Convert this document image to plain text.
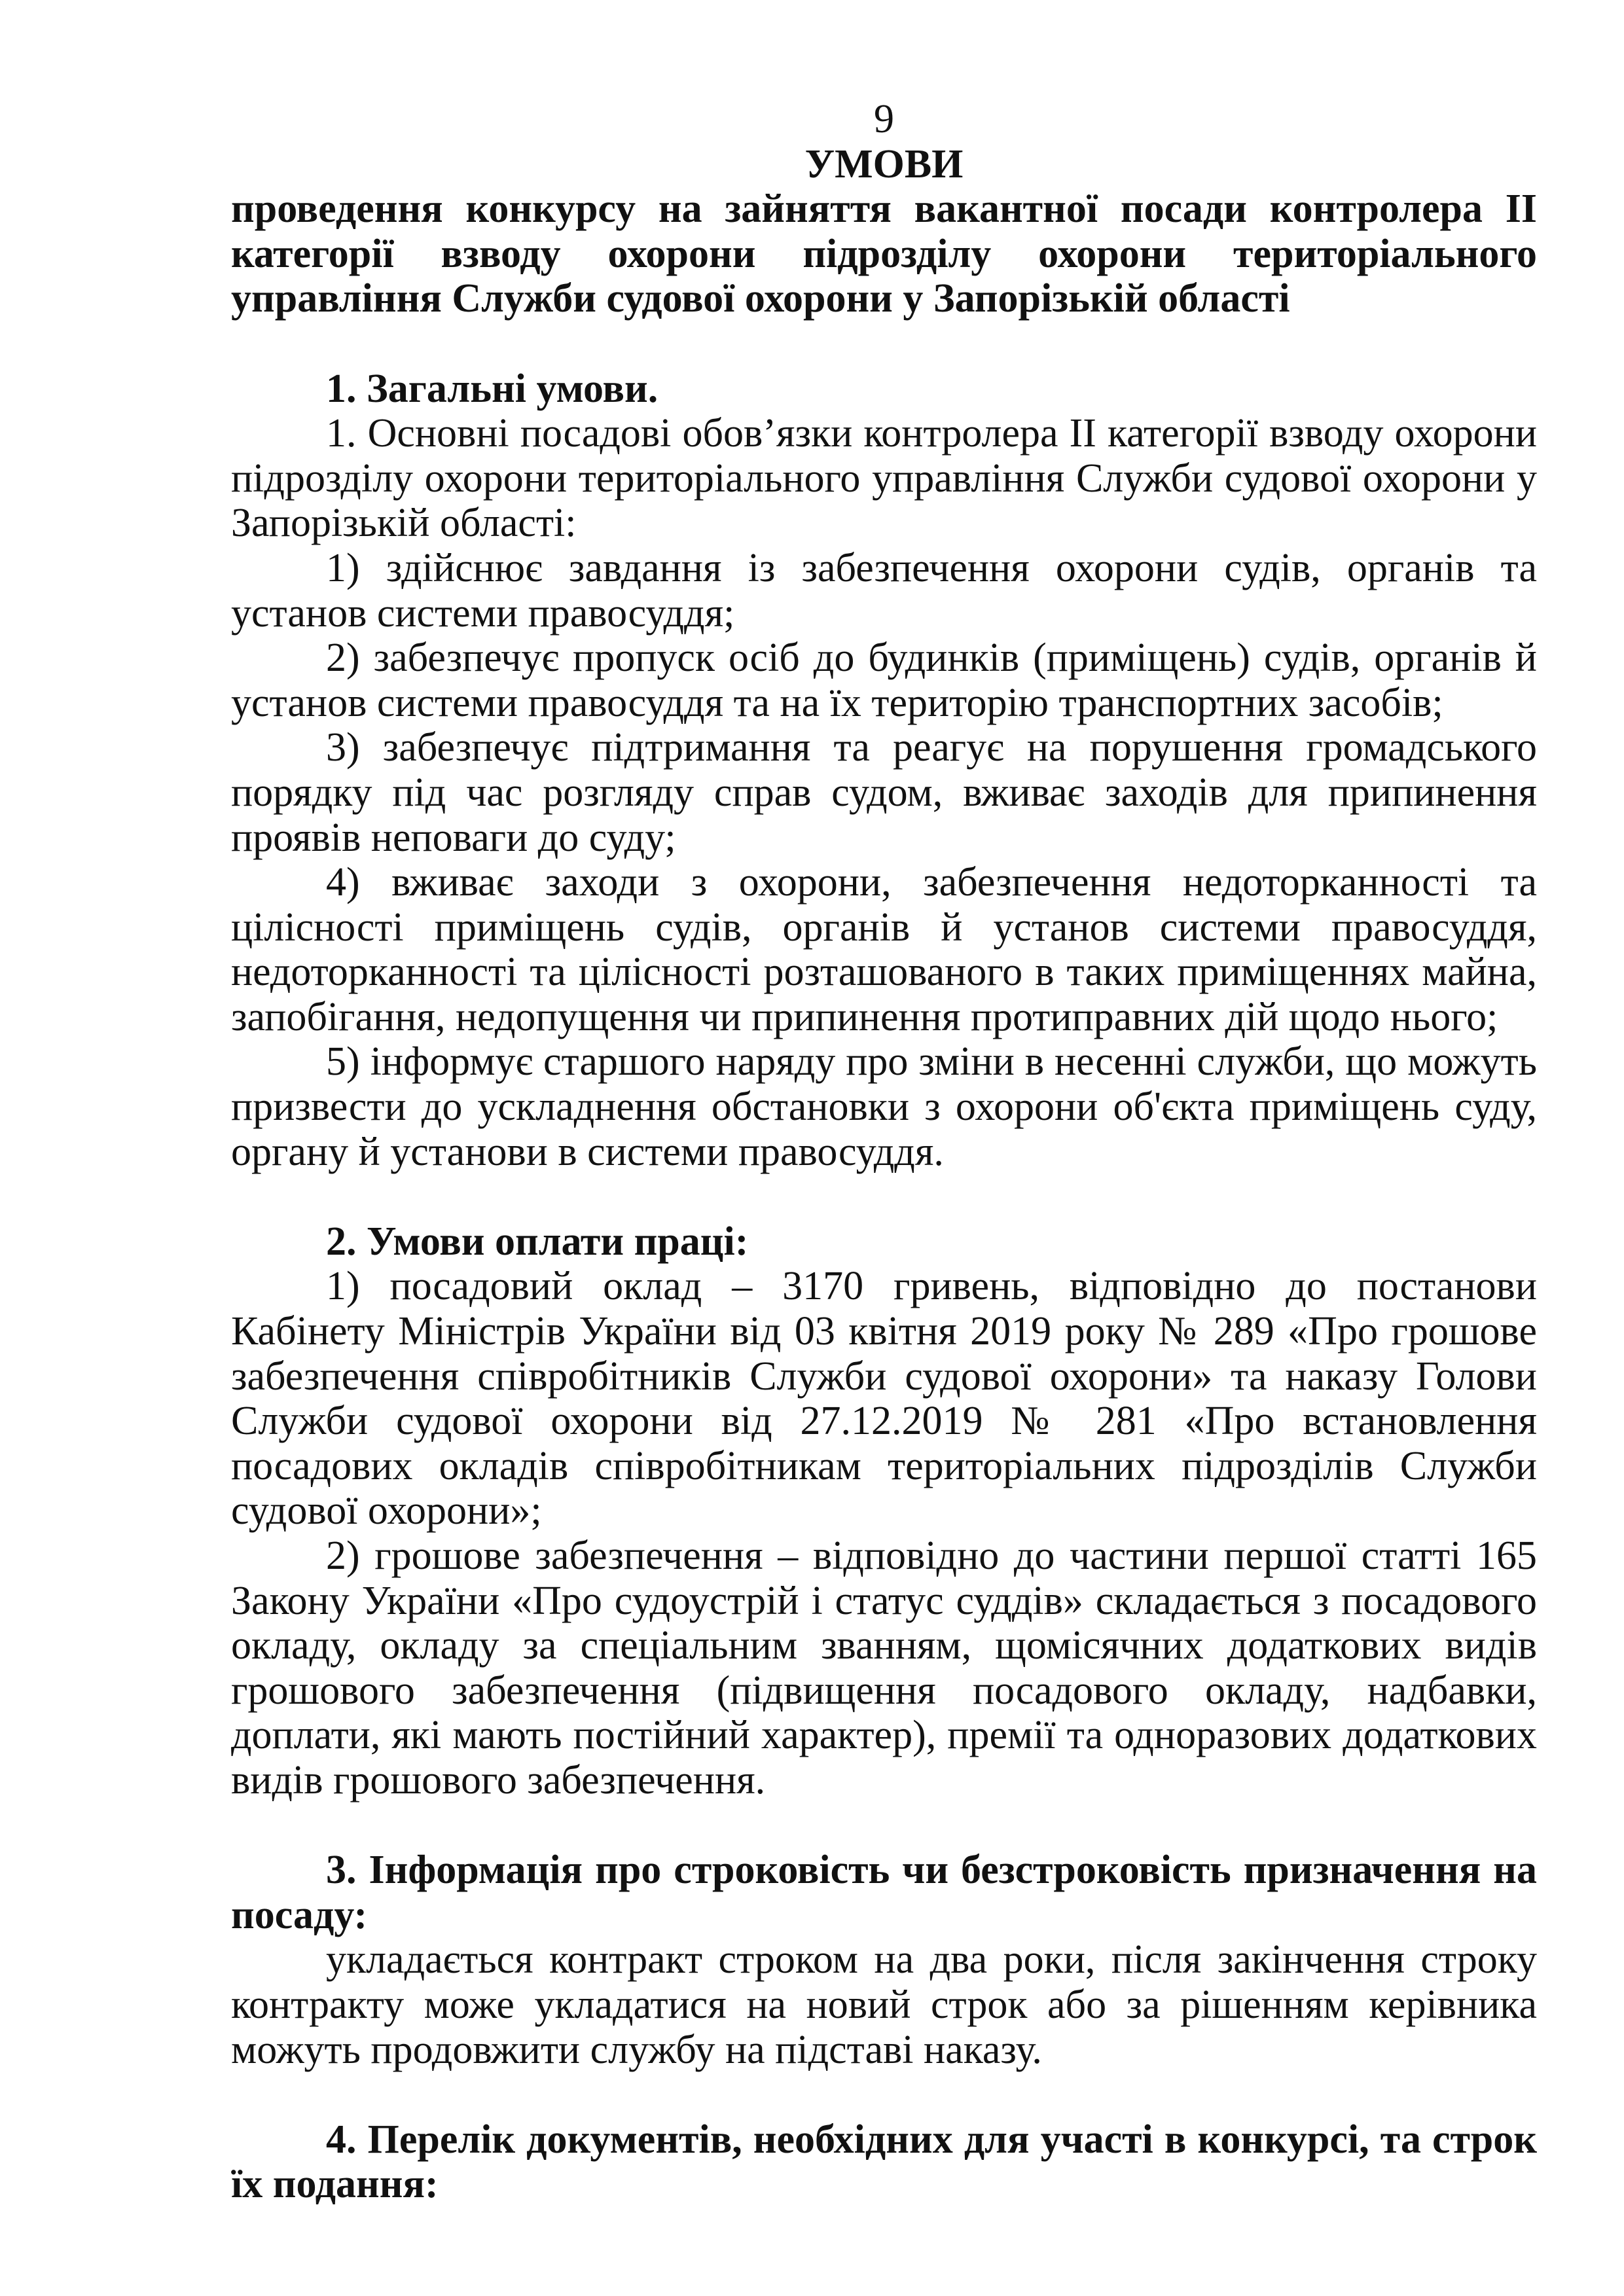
9

УМОВИ

проведення конкурсу на зайняття вакантної посади контролера ІІ категорії взводу охорони підрозділу охорони територіального управління Служби судової охорони у Запорізькій області

1. Загальні умови.

1. Основні посадові обов’язки контролера ІІ категорії взводу охорони підрозділу охорони територіального управління Служби судової охорони у Запорізькій області:

1) здійснює завдання із забезпечення охорони судів, органів та установ системи правосуддя;

2) забезпечує пропуск осіб до будинків (приміщень) судів, органів й установ системи правосуддя та на їх територію транспортних засобів;

3) забезпечує підтримання та реагує на порушення громадського порядку під час розгляду справ судом, вживає заходів для припинення проявів неповаги до суду;

4) вживає заходи з охорони, забезпечення недоторканності та цілісності приміщень судів, органів й установ системи правосуддя, недоторканності та цілісності розташованого в таких приміщеннях майна, запобігання, недопущення чи припинення протиправних дій щодо нього;

5) інформує старшого наряду про зміни в несенні служби, що можуть призвести до ускладнення обстановки з охорони об'єкта приміщень суду, органу й установи в системи правосуддя.

2. Умови оплати праці:

1) посадовий оклад – 3170 гривень, відповідно до постанови Кабінету Міністрів України від 03 квітня 2019 року № 289 «Про грошове забезпечення співробітників Служби судової охорони» та наказу Голови Служби судової охорони від 27.12.2019 № 281 «Про встановлення посадових окладів співробітникам територіальних підрозділів Служби судової охорони»;

2) грошове забезпечення – відповідно до частини першої статті 165 Закону України «Про судоустрій і статус суддів» складається з посадового окладу, окладу за спеціальним званням, щомісячних додаткових видів грошового забезпечення (підвищення посадового окладу, надбавки, доплати, які мають постійний характер), премії та одноразових додаткових видів грошового забезпечення.

3. Інформація про строковість чи безстроковість призначення на посаду:

укладається контракт строком на два роки, після закінчення строку контракту може укладатися на новий строк або за рішенням керівника можуть продовжити службу на підставі наказу.

4. Перелік документів, необхідних для участі в конкурсі, та строк їх подання:
